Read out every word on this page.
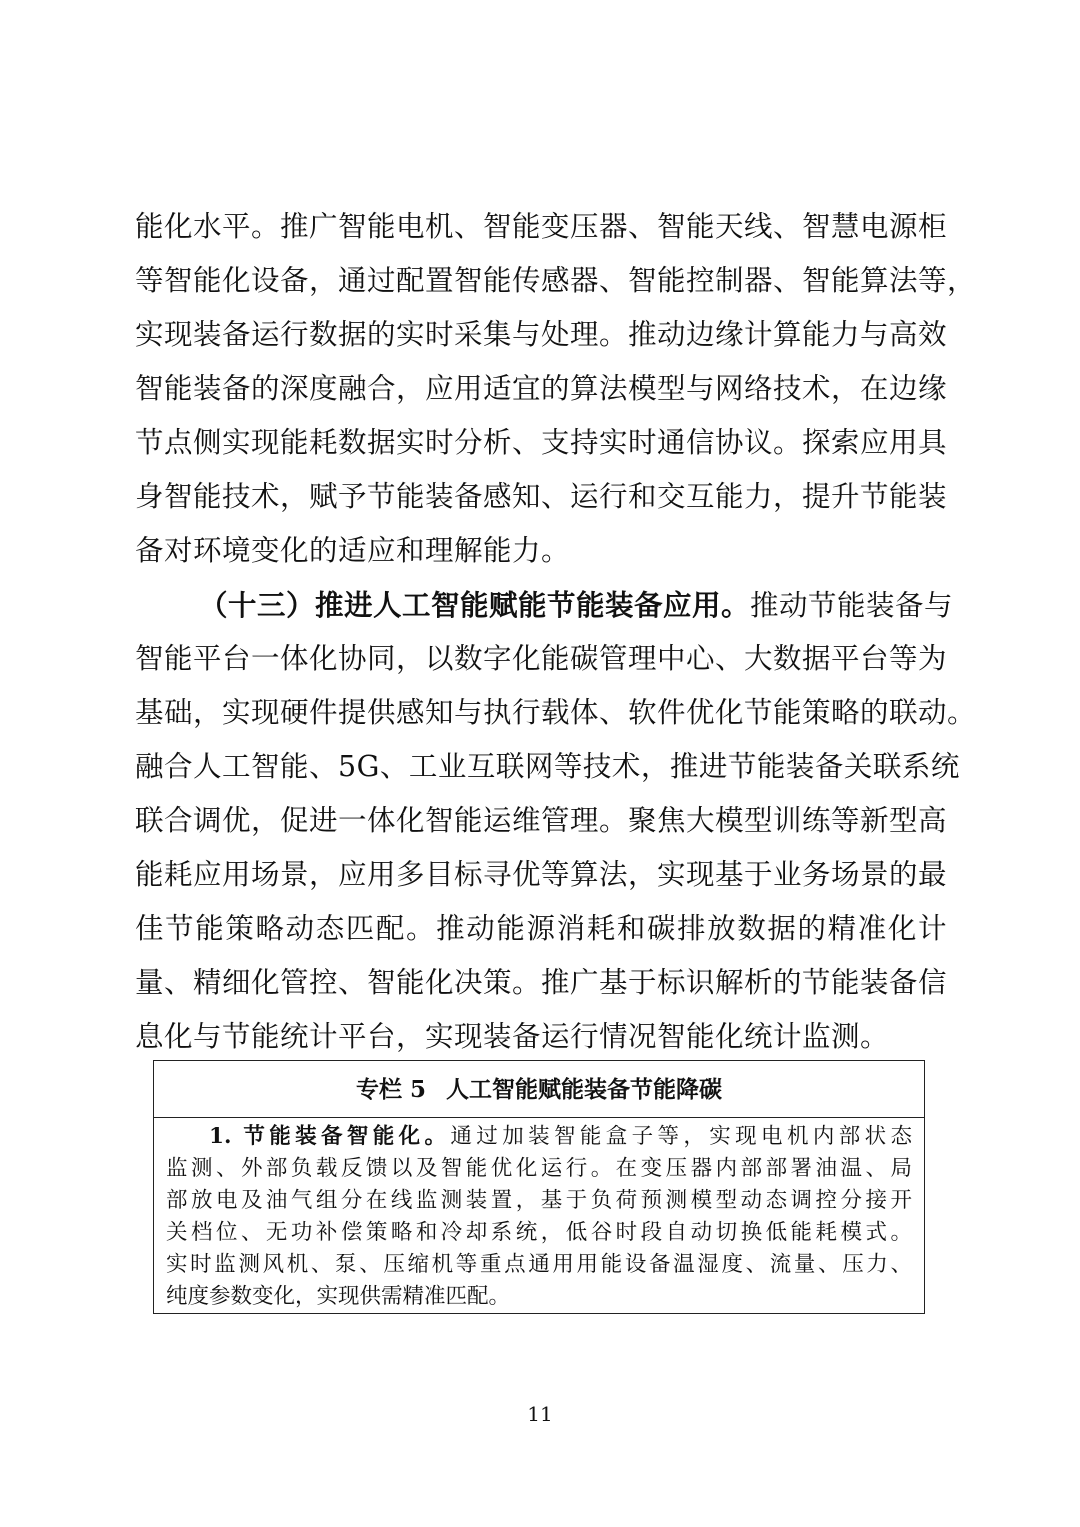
能化水平。推广智能电机、智能变压器、智能天线、智慧电源柜
等智能化设备，通过配置智能传感器、智能控制器、智能算法等，
实现装备运行数据的实时采集与处理。推动边缘计算能力与高效
智能装备的深度融合，应用适宜的算法模型与网络技术，在边缘
节点侧实现能耗数据实时分析、支持实时通信协议。探索应用具
身智能技术，赋予节能装备感知、运行和交互能力，提升节能装
备对环境变化的适应和理解能力。
（十三）推进人工智能赋能节能装备应用。推动节能装备与
智能平台一体化协同，以数字化能碳管理中心、大数据平台等为
基础，实现硬件提供感知与执行载体、软件优化节能策略的联动。
融合人工智能、5G、工业互联网等技术，推进节能装备关联系统
联合调优，促进一体化智能运维管理。聚焦大模型训练等新型高
能耗应用场景，应用多目标寻优等算法，实现基于业务场景的最
佳节能策略动态匹配。推动能源消耗和碳排放数据的精准化计
量、精细化管控、智能化决策。推广基于标识解析的节能装备信
息化与节能统计平台，实现装备运行情况智能化统计监测。
专栏 5 人工智能赋能装备节能降碳
1. 节能装备智能化。通过加装智能盒子等，实现电机内部状态
监测、外部负载反馈以及智能优化运行。在变压器内部部署油温、局
部放电及油气组分在线监测装置，基于负荷预测模型动态调控分接开
关档位、无功补偿策略和冷却系统，低谷时段自动切换低能耗模式。
实时监测风机、泵、压缩机等重点通用用能设备温湿度、流量、压力、
纯度参数变化，实现供需精准匹配。
11
